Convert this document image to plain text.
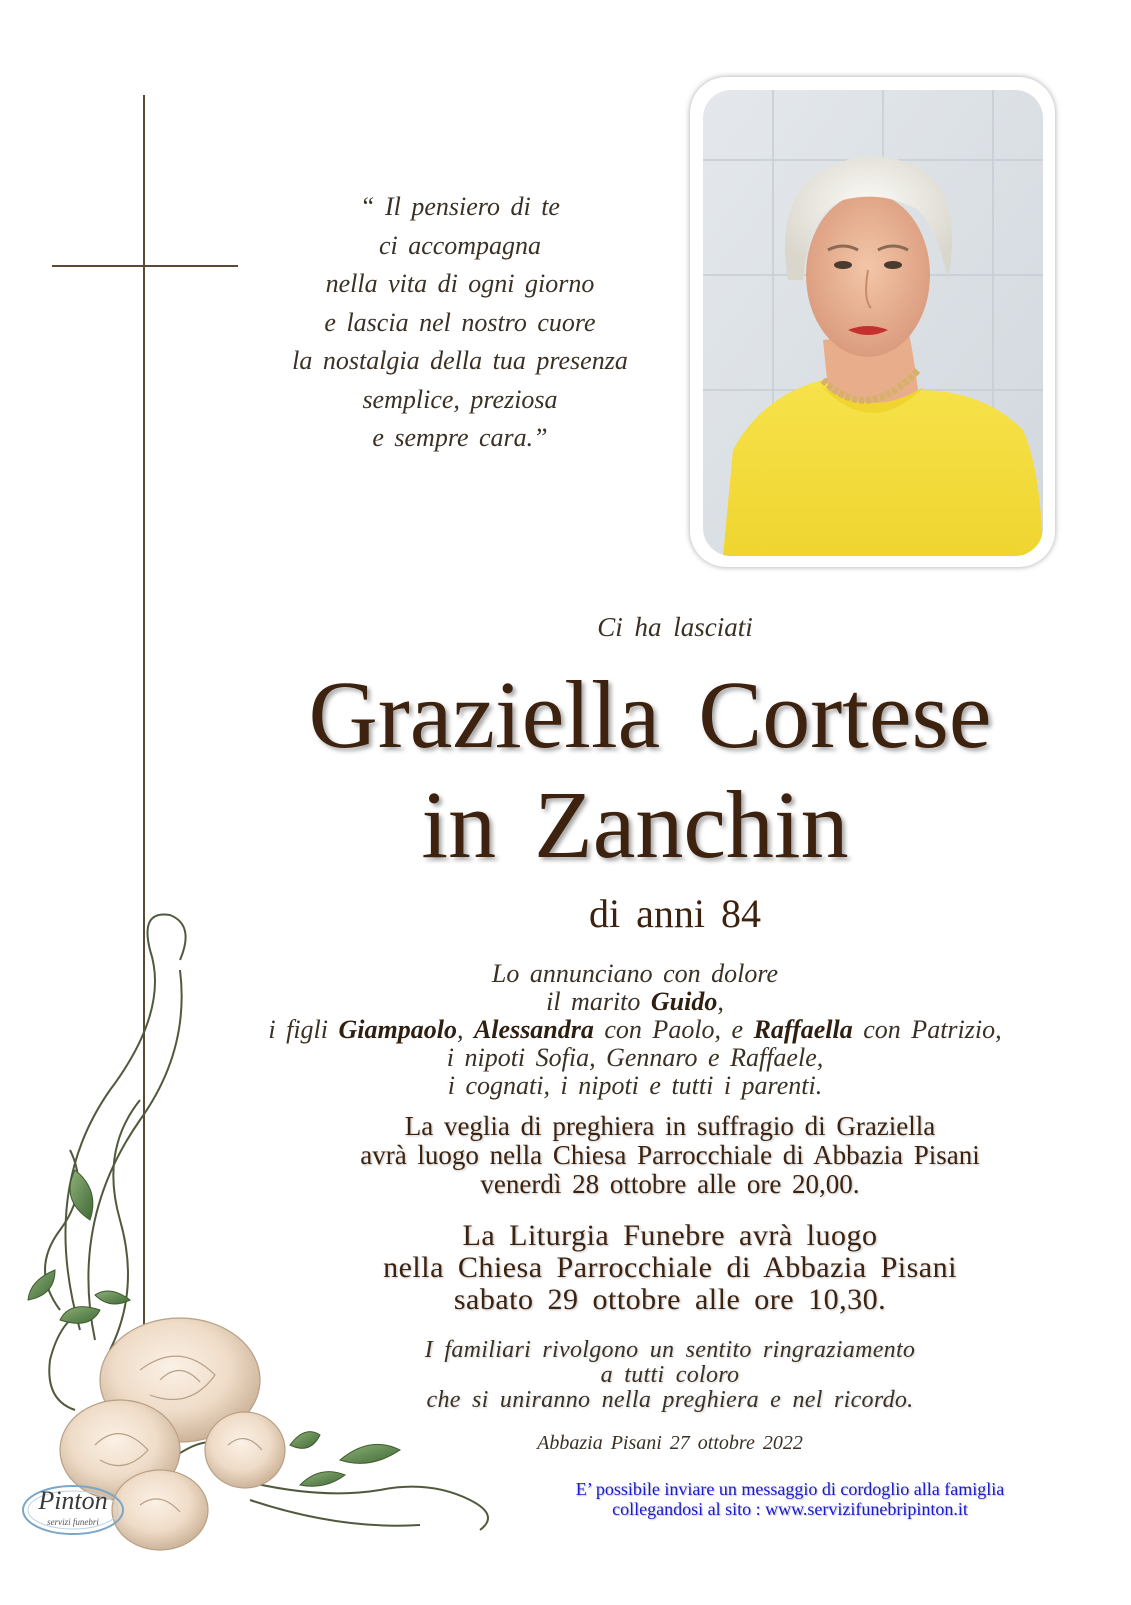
“ Il pensiero di te
ci accompagna
nella vita di ogni giorno
e lascia nel nostro cuore
la nostalgia della tua presenza
semplice, preziosa
e sempre cara.”
Ci ha lasciati
Graziella Cortese
in Zanchin
di anni 84
Lo annunciano con dolore
il marito Guido,
i figli Giampaolo, Alessandra con Paolo, e Raffaella con Patrizio,
i nipoti Sofia, Gennaro e Raffaele,
i cognati, i nipoti e tutti i parenti.
La veglia di preghiera in suffragio di Graziella
avrà luogo nella Chiesa Parrocchiale di Abbazia Pisani
venerdì 28 ottobre alle ore 20,00.
La Liturgia Funebre avrà luogo
nella Chiesa Parrocchiale di Abbazia Pisani
sabato 29 ottobre alle ore 10,30.
I familiari rivolgono un sentito ringraziamento
a tutti coloro
che si uniranno nella preghiera e nel ricordo.
Abbazia Pisani 27 ottobre 2022
E’ possibile inviare un messaggio di cordoglio alla famiglia
collegandosi al sito : www.servizifunebripinton.it
Pinton
servizi funebri
